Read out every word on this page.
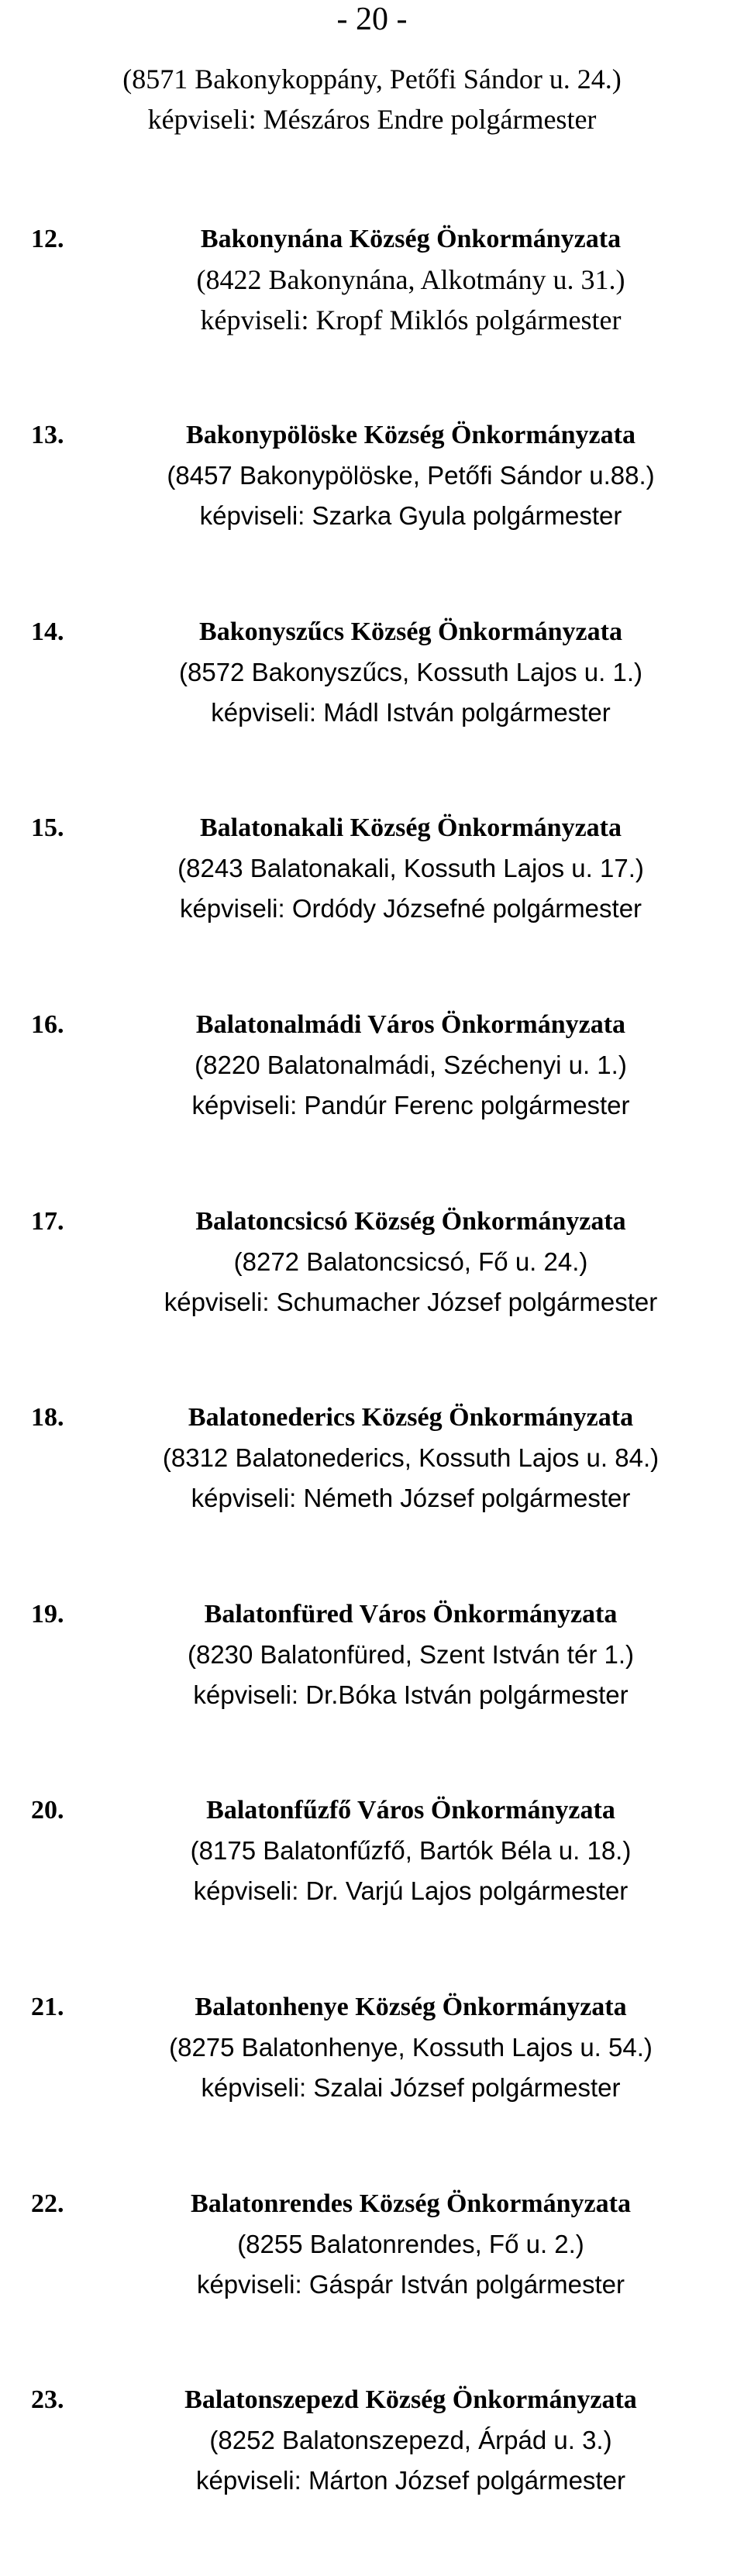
- 20 -
(8571 Bakonykoppány, Petőfi Sándor u. 24.)
képviseli: Mészáros Endre polgármester
12.	Bakonynána Község Önkormányzata
(8422 Bakonynána, Alkotmány u. 31.)
képviseli: Kropf Miklós polgármester
13.	Bakonypölöske Község Önkormányzata
(8457 Bakonypölöske, Petőfi Sándor u.88.)
képviseli: Szarka Gyula polgármester
14.	Bakonyszűcs Község Önkormányzata
(8572 Bakonyszűcs, Kossuth Lajos u. 1.)
képviseli: Mádl István polgármester
15.	Balatonakali Község Önkormányzata
(8243 Balatonakali, Kossuth Lajos u. 17.)
képviseli: Ordódy Józsefné polgármester
16.	Balatonalmádi Város Önkormányzata
(8220 Balatonalmádi, Széchenyi u. 1.)
képviseli: Pandúr Ferenc polgármester
17.	Balatoncsicsó Község Önkormányzata
(8272 Balatoncsicsó, Fő u. 24.)
képviseli: Schumacher József polgármester
18.	Balatonederics Község Önkormányzata
(8312 Balatonederics, Kossuth Lajos u. 84.)
képviseli: Németh József polgármester
19.	Balatonfüred Város Önkormányzata
(8230 Balatonfüred, Szent István tér 1.)
képviseli: Dr.Bóka István polgármester
20.	Balatonfűzfő Város Önkormányzata
(8175 Balatonfűzfő, Bartók Béla u. 18.)
képviseli: Dr. Varjú Lajos polgármester
21.	Balatonhenye Község Önkormányzata
(8275 Balatonhenye, Kossuth Lajos u. 54.)
képviseli: Szalai József polgármester
22.	Balatonrendes Község Önkormányzata
(8255 Balatonrendes, Fő u. 2.)
képviseli: Gáspár István polgármester
23.	Balatonszepezd Község Önkormányzata
(8252 Balatonszepezd, Árpád u. 3.)
képviseli: Márton József polgármester
